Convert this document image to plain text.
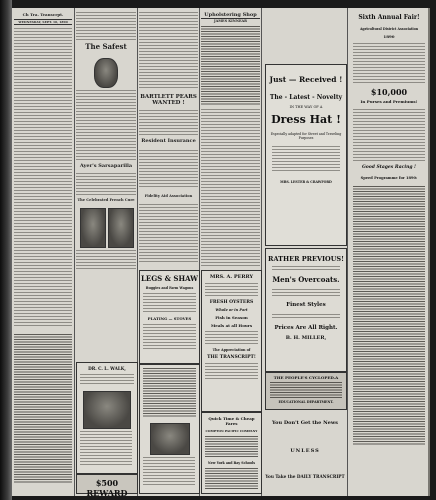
Ch Tra. Transcrpt.
WEDNESDAY, SEPT. 10, 1890
The Safest
Ayer's Sarsaparilla
The Celebrated French Cure
BARTLETT PEARS WANTED !
Resident Insurance
Fidelity Aid Association
Upholstering Shop
JAMES KINNEAR
Just — Received !
The - Latest - Novelty
IN THE WAY OF A
Dress Hat !
Especially adapted for Street and Traveling Purposes
MRS. LESTER & CRAWFORD
RATHER PREVIOUS!
Men's Overcoats.
Finest Styles
Prices Are All Right.
B. H. MILLER,
THE PEOPLE'S CYCLOPED.A
EDUCATIONAL DEPARTMENT.
You Don't Get the News
UNLESS
You Take the DAILY TRANSCRIPT
Sixth Annual Fair!
Agricultural District Association
1890
$10,000
In Purses and Premiums!
Good Stages Racing !
Speed Programme for 1890:
LEGS & SHAW
Buggies and Farm Wagons
PLATING — STOVES
MRS. A. PERRY
FRESH OYSTERS
Whole or in Part
Fish in Season
Meals at all Hours
The Appreciation of
THE TRANSCRIPT!
Quick Time & Cheap Fares
COMPTON PACIFIC COMPANY
New York and Bay Schools
DR. C. L. WALK,
$500 REWARD
